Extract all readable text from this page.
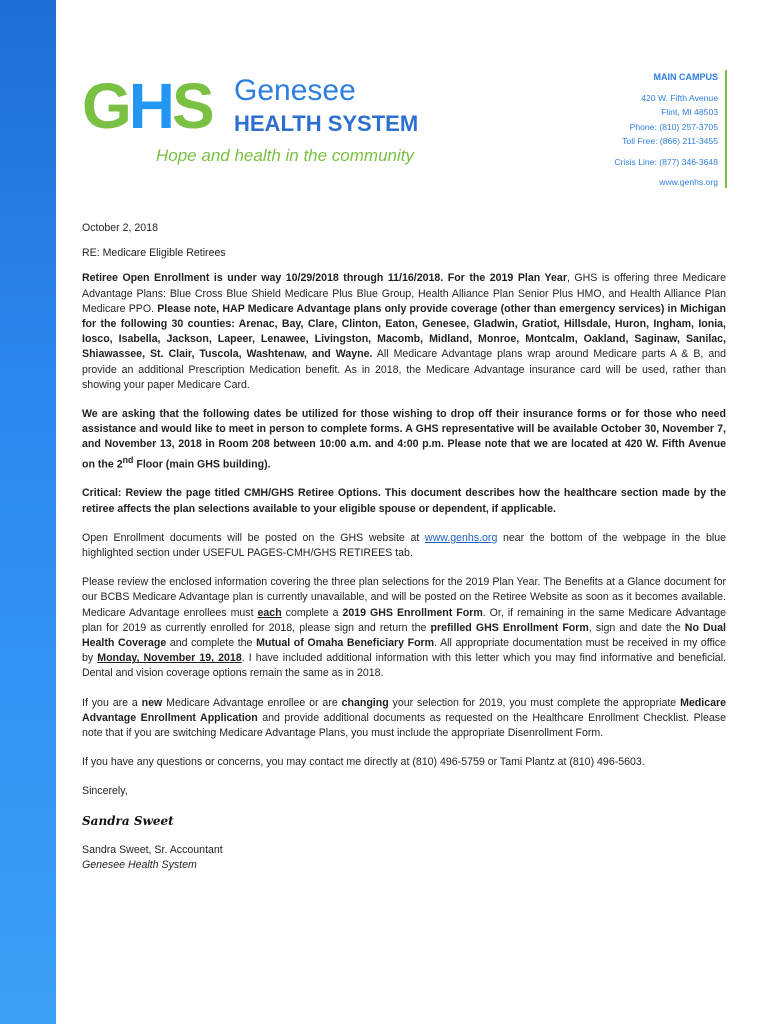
GHS Genesee
HEALTH SYSTEM
Hope and health in the community
MAIN CAMPUS
420 W. Fifth Avenue
Flint, MI 48503
Phone: (810) 257-3705
Toll Free: (866) 211-3455
Crisis Line: (877) 346-3648
www.genhs.org

October 2, 2018

RE: Medicare Eligible Retirees

Retiree Open Enrollment is under way 10/29/2018 through 11/16/2018. For the 2019 Plan Year, GHS is offering three Medicare Advantage Plans: Blue Cross Blue Shield Medicare Plus Blue Group, Health Alliance Plan Senior Plus HMO, and Health Alliance Plan Medicare PPO. Please note, HAP Medicare Advantage plans only provide coverage (other than emergency services) in Michigan for the following 30 counties: Arenac, Bay, Clare, Clinton, Eaton, Genesee, Gladwin, Gratiot, Hillsdale, Huron, Ingham, Ionia, Iosco, Isabella, Jackson, Lapeer, Lenawee, Livingston, Macomb, Midland, Monroe, Montcalm, Oakland, Saginaw, Sanilac, Shiawassee, St. Clair, Tuscola, Washtenaw, and Wayne. All Medicare Advantage plans wrap around Medicare parts A & B, and provide an additional Prescription Medication benefit. As in 2018, the Medicare Advantage insurance card will be used, rather than showing your paper Medicare Card.

We are asking that the following dates be utilized for those wishing to drop off their insurance forms or for those who need assistance and would like to meet in person to complete forms. A GHS representative will be available October 30, November 7, and November 13, 2018 in Room 208 between 10:00 a.m. and 4:00 p.m. Please note that we are located at 420 W. Fifth Avenue on the 2nd Floor (main GHS building).

Critical: Review the page titled CMH/GHS Retiree Options. This document describes how the healthcare section made by the retiree affects the plan selections available to your eligible spouse or dependent, if applicable.

Open Enrollment documents will be posted on the GHS website at www.genhs.org near the bottom of the webpage in the blue highlighted section under USEFUL PAGES-CMH/GHS RETIREES tab.

Please review the enclosed information covering the three plan selections for the 2019 Plan Year. The Benefits at a Glance document for our BCBS Medicare Advantage plan is currently unavailable, and will be posted on the Retiree Website as soon as it becomes available. Medicare Advantage enrollees must each complete a 2019 GHS Enrollment Form. Or, if remaining in the same Medicare Advantage plan for 2019 as currently enrolled for 2018, please sign and return the prefilled GHS Enrollment Form, sign and date the No Dual Health Coverage and complete the Mutual of Omaha Beneficiary Form. All appropriate documentation must be received in my office by Monday, November 19, 2018. I have included additional information with this letter which you may find informative and beneficial. Dental and vision coverage options remain the same as in 2018.

If you are a new Medicare Advantage enrollee or are changing your selection for 2019, you must complete the appropriate Medicare Advantage Enrollment Application and provide additional documents as requested on the Healthcare Enrollment Checklist. Please note that if you are switching Medicare Advantage Plans, you must include the appropriate Disenrollment Form.

If you have any questions or concerns, you may contact me directly at (810) 496-5759 or Tami Plantz at (810) 496-5603.

Sincerely,

Sandra Sweet
Sandra Sweet, Sr. Accountant
Genesee Health System
